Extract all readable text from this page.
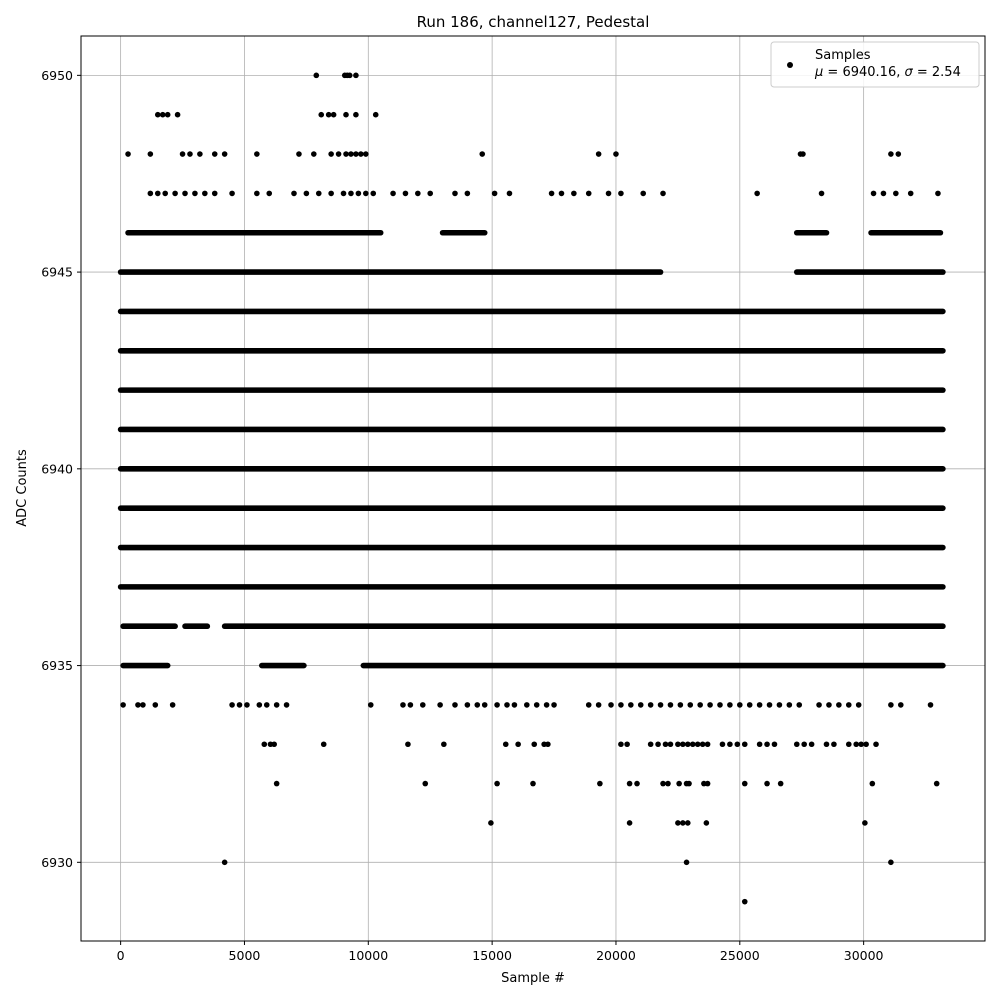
0	5000	10000	15000	20000	25000	30000
6930
6935
6940
6945
6950
Run 186, channel127, Pedestal
Sample #
ADC Counts
Samples
μ = 6940.16, σ = 2.54
